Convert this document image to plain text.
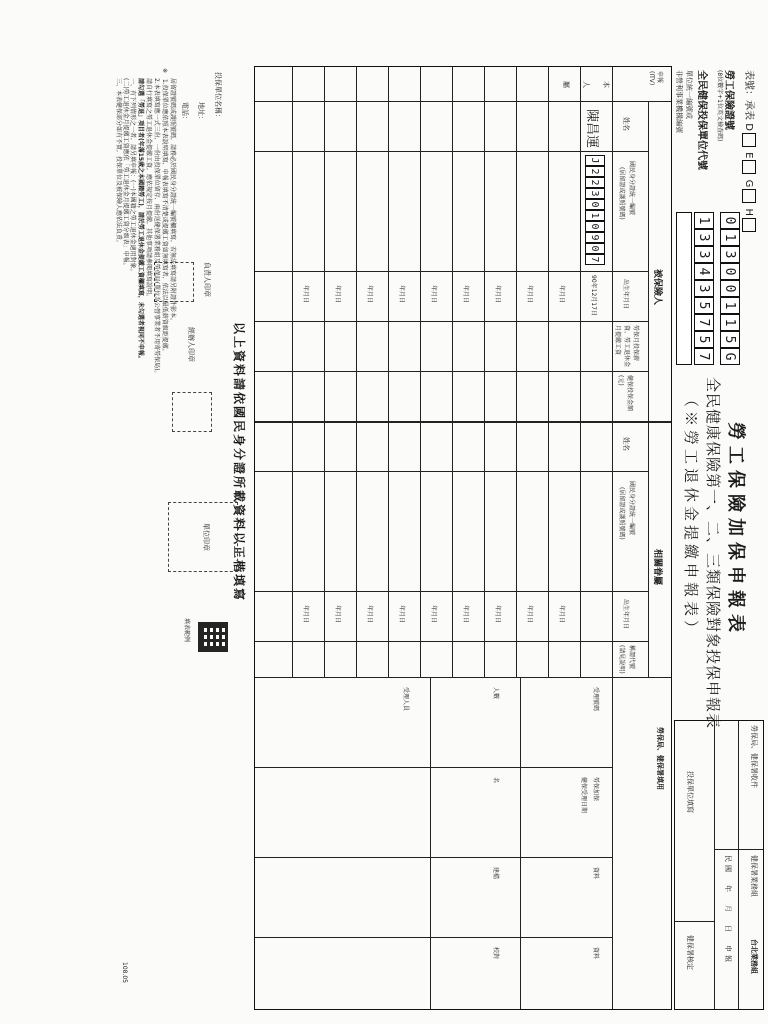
表號：承表 D E G H
勞工保險證號
(8位數字+1位英文檢查碼)
全民健保投保單位代號
單位統一編號或
非營利事業機構編號
0
1
3
0
0
1
1
5
G
1
3
3
4
3
5
7
5
7
勞工保險加保申報表
全民健康保險第一、二、三類保險對象投保申報表
（※勞工退休金提繳申報表）
勞保局、健保署收件
健保署業務組
台北業務組
民國　年　月　日　申報
投保單位填寫
健保署核定
申報
(ITV)
本
人
屬
被保險人
相關眷屬
姓名
國民身分證統一編號
(居留證或護照號碼)
出生年月日
勞保月投保薪資、勞工退休金月提繳工資
健保投保金額(元)
姓名
國民身分證統一編號
(居留證或護照號碼)
出生年月日
稱謂代號
(請見說明)
陳昌運
J
2
2
3
0
1
0
9
0
7
90年12月17日
年月日
年月日
年月日
年月日
年月日
年月日
年月日
年月日
年月日
年月日
年月日
年月日
年月日
年月日
年月日
年月日
年月日
年月日
勞保局、健保署填用
受理號碼
勞保加保
健保受理日期
資料
資料
人數
名
建檔
校對
受理人員
以上資料請依國民身分證所載資料以正楷填寫
投保單位名稱：
地址：
電話：
負責人印章
經辦人印章
單位印章
填表範例
※　1.投保單位應依照本表說明填寫，申報表填寫不清楚或提繳工資如無填寫者，依法以最低薪資級距提繳。
2.本表填寫應一式三份，一份由投保單位留存，兩份送健保署業務組及勞保局(單位為公營事業者不用寄勞保局)。
請自行填寫之勞工退休金提繳工資，應依規定按月提繳，其他事項請參閱填寫說明。
請勾選「勞退」項目者(年滿15歲之本國籍勞工)，請於勞工退休金提繳工資欄填寫，未勾選者視同不申報。
一、有下列情形之一者，請另填申報：(一)本國籍之勞工退休金適用對象。
(二)勞工退休金月提繳工資應依「勞工退休金月提繳工資分級表」申報。
三、本表健保部分如有不實，投保單位及被保險人應依法負責。	居留證號碼或護照號碼，請務必於國民身分證統一編號欄填寫，若無法填寫請另附證件影本。
108.05
